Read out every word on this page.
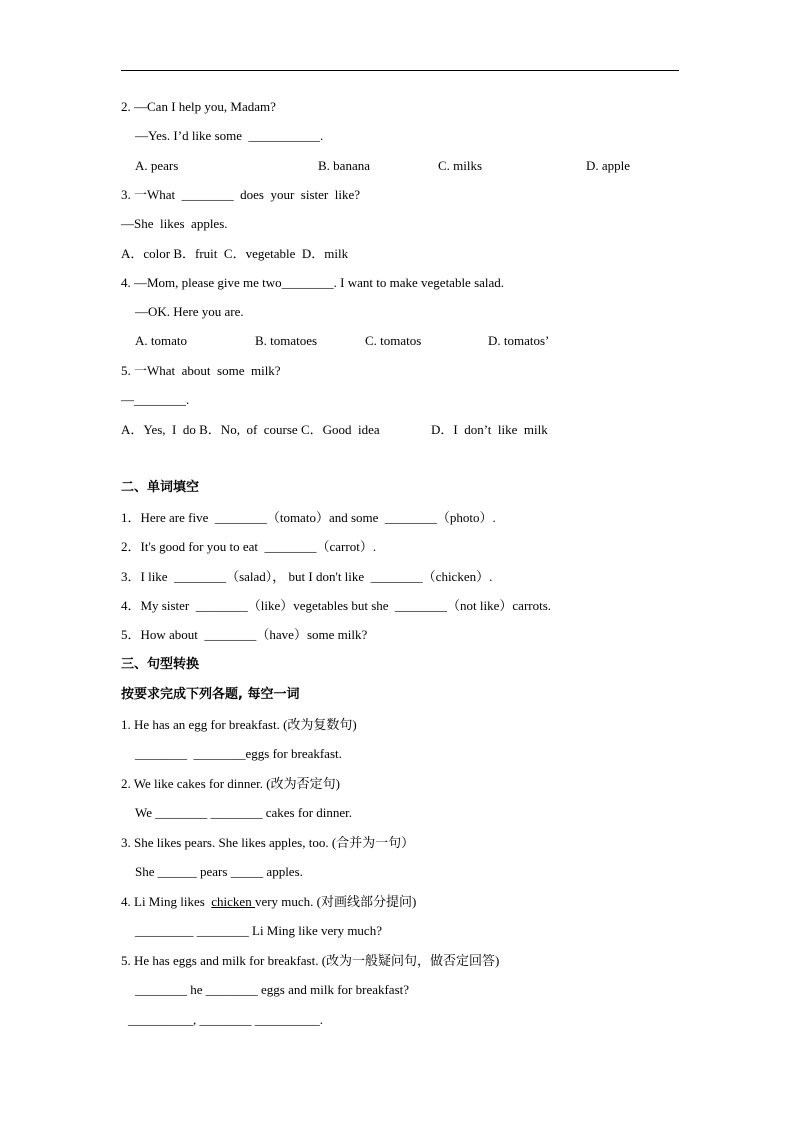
2. —Can I help you, Madam?
—Yes. I’d like some  ___________.
A. pears	B. banana	C. milks	D. apple
3. 一What  ________  does  your  sister  like?
—She  likes  apples.
A．color B．fruit  C．vegetable  D．milk
4. —Mom, please give me two________. I want to make vegetable salad.
—OK. Here you are.
A. tomato	B. tomatoes	C. tomatos	D. tomatos’
5. 一What  about  some  milk?
—________.
A．Yes,  I  do B．No,  of  course C．Good  idea	D．I  don’t  like  milk
二、单词填空
1．Here are five  ________（tomato）and some  ________（photo）.
2．It's good for you to eat  ________（carrot）.
3．I like  ________（salad）， but I don't like  ________（chicken）.
4．My sister  ________（like）vegetables but she  ________（not like）carrots.
5．How about  ________（have）some milk?
三、句型转换
按要求完成下列各题, 每空一词
1. He has an egg for breakfast. (改为复数句)
________  ________eggs for breakfast.
2. We like cakes for dinner. (改为否定句)
We ________ ________ cakes for dinner.
3. She likes pears. She likes apples, too. (合并为一句）
She ______ pears _____ apples.
4. Li Ming likes  chicken very much. (对画线部分提问)
_________ ________ Li Ming like very much?
5. He has eggs and milk for breakfast. (改为一般疑问句，做否定回答)
________ he ________ eggs and milk for breakfast?
__________, ________ __________.
